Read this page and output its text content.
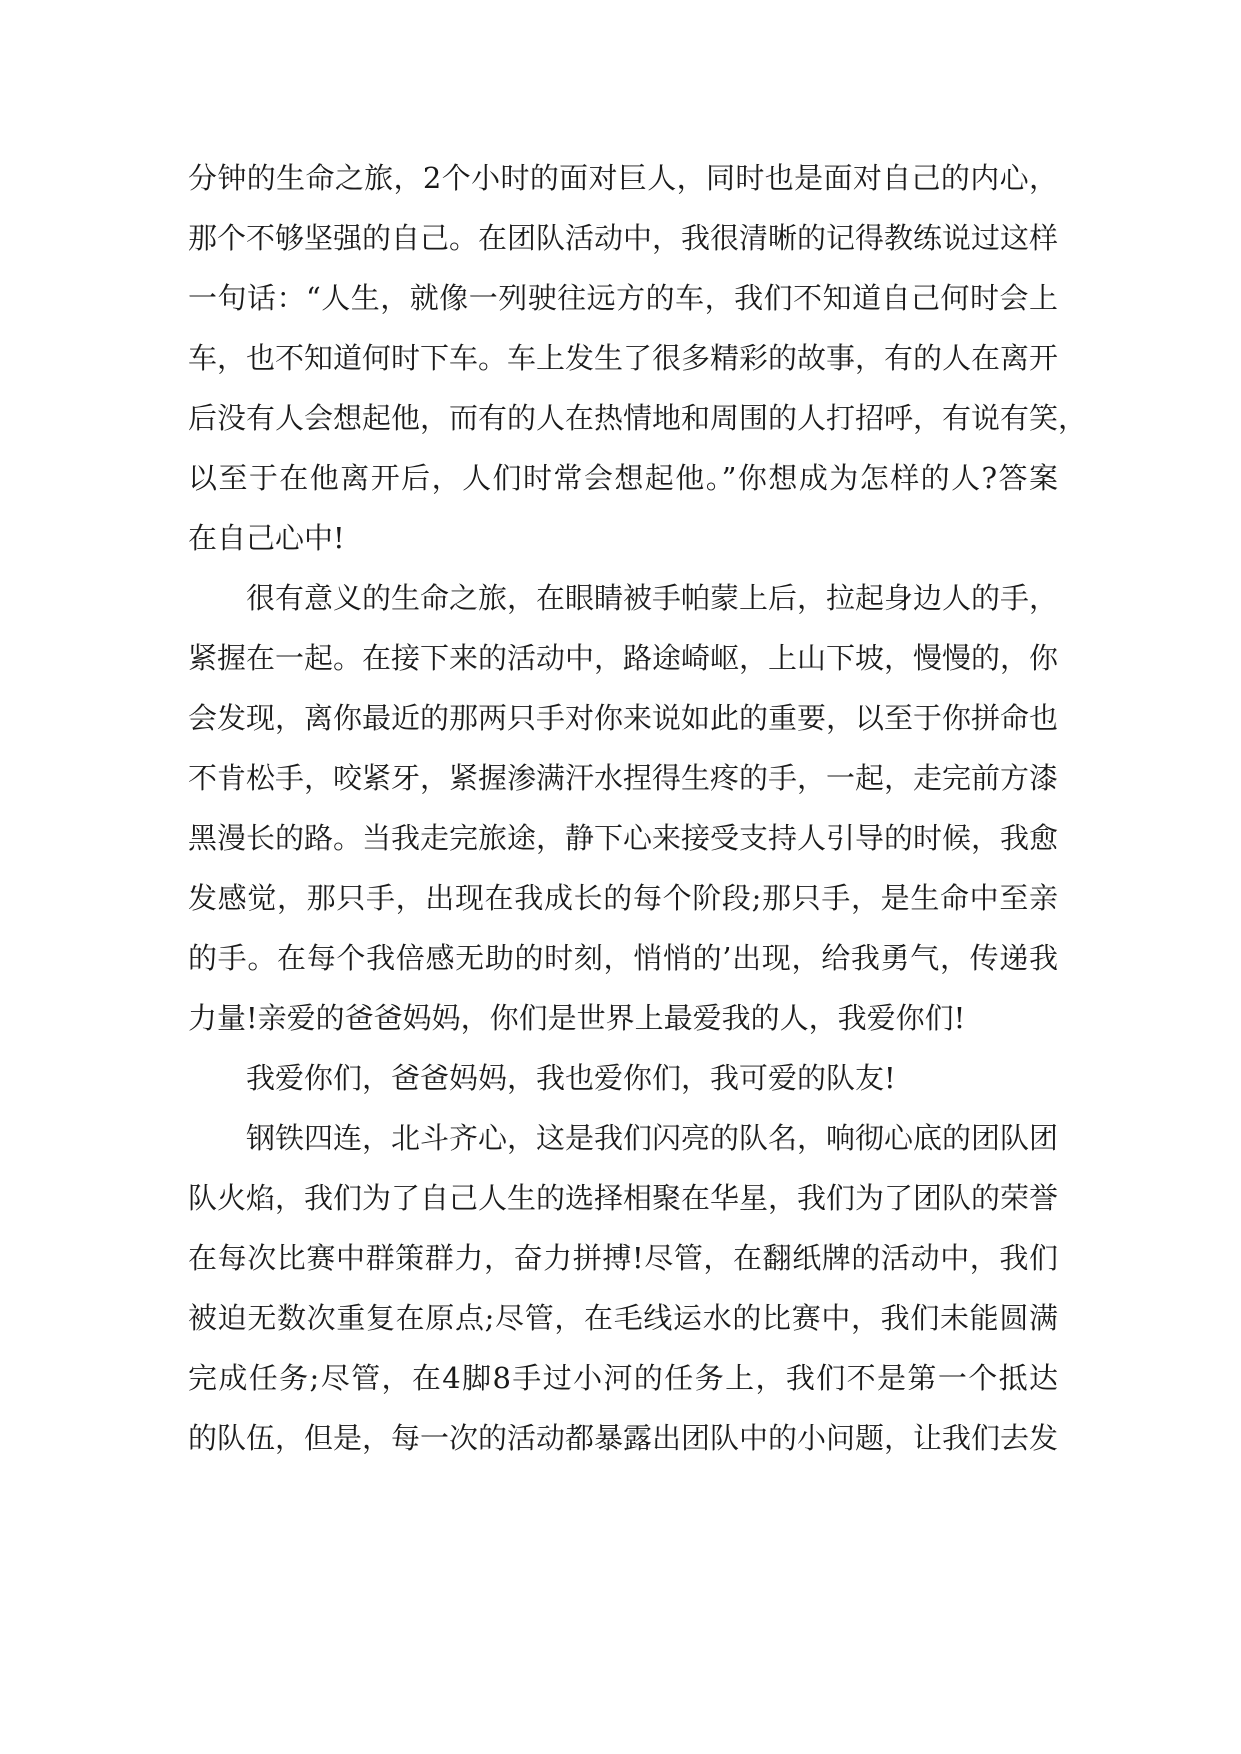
分钟的生命之旅，2个小时的面对巨人，同时也是面对自己的内心，
那个不够坚强的自己。在团队活动中，我很清晰的记得教练说过这样
一句话：“人生，就像一列驶往远方的车，我们不知道自己何时会上
车，也不知道何时下车。车上发生了很多精彩的故事，有的人在离开
后没有人会想起他，而有的人在热情地和周围的人打招呼，有说有笑，
以至于在他离开后，人们时常会想起他。”你想成为怎样的人?答案
在自己心中!
很有意义的生命之旅，在眼睛被手帕蒙上后，拉起身边人的手，
紧握在一起。在接下来的活动中，路途崎岖，上山下坡，慢慢的，你
会发现，离你最近的那两只手对你来说如此的重要，以至于你拼命也
不肯松手，咬紧牙，紧握渗满汗水捏得生疼的手，一起，走完前方漆
黑漫长的路。当我走完旅途，静下心来接受支持人引导的时候，我愈
发感觉，那只手，出现在我成长的每个阶段;那只手，是生命中至亲
的手。在每个我倍感无助的时刻，悄悄的’出现，给我勇气，传递我
力量!亲爱的爸爸妈妈，你们是世界上最爱我的人，我爱你们!
我爱你们，爸爸妈妈，我也爱你们，我可爱的队友!
钢铁四连，北斗齐心，这是我们闪亮的队名，响彻心底的团队团
队火焰，我们为了自己人生的选择相聚在华星，我们为了团队的荣誉
在每次比赛中群策群力，奋力拼搏!尽管，在翻纸牌的活动中，我们
被迫无数次重复在原点;尽管，在毛线运水的比赛中，我们未能圆满
完成任务;尽管，在4脚8手过小河的任务上，我们不是第一个抵达
的队伍，但是，每一次的活动都暴露出团队中的小问题，让我们去发
